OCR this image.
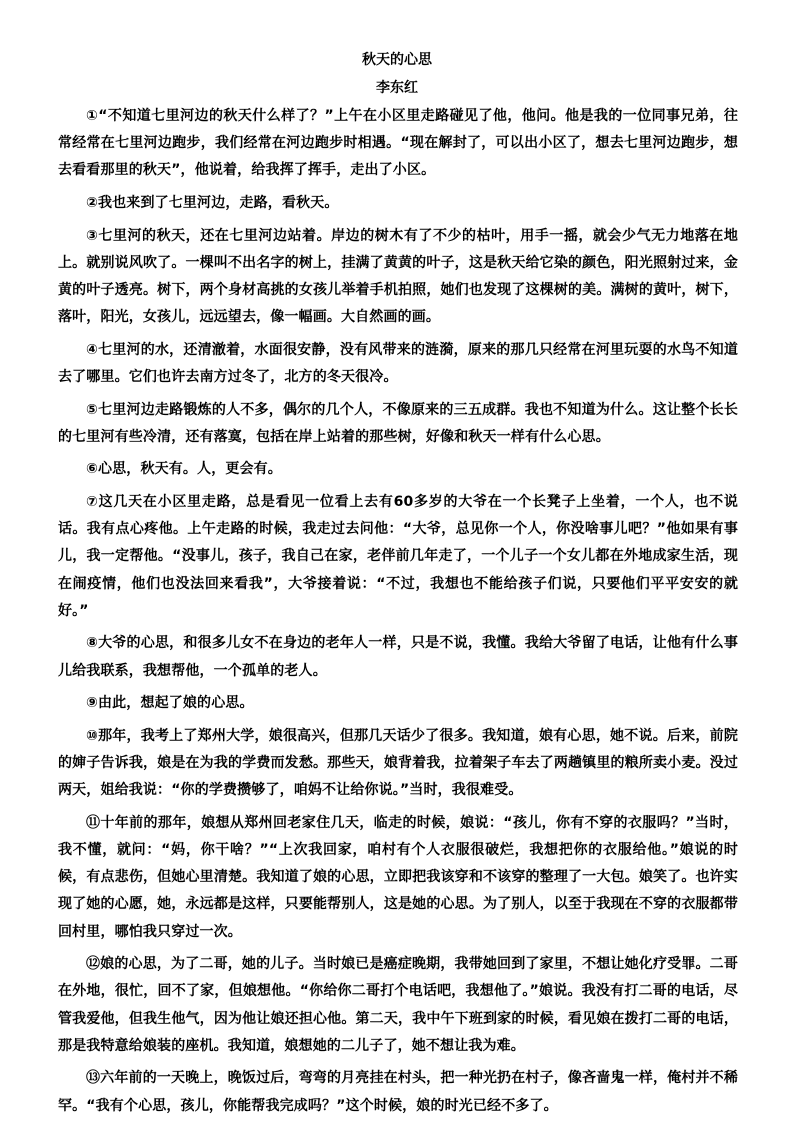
秋天的心思
李东红

①“不知道七里河边的秋天什么样了？”上午在小区里走路碰见了他，他问。他是我的一位同事兄弟，往常经常在七里河边跑步，我们经常在河边跑步时相遇。“现在解封了，可以出小区了，想去七里河边跑步，想去看看那里的秋天”，他说着，给我挥了挥手，走出了小区。

②我也来到了七里河边，走路，看秋天。

③七里河的秋天，还在七里河边站着。岸边的树木有了不少的枯叶，用手一摇，就会少气无力地落在地上。就别说风吹了。一棵叫不出名字的树上，挂满了黄黄的叶子，这是秋天给它染的颜色，阳光照射过来，金黄的叶子透亮。树下，两个身材高挑的女孩儿举着手机拍照，她们也发现了这棵树的美。满树的黄叶，树下，落叶，阳光，女孩儿，远远望去，像一幅画。大自然画的画。

④七里河的水，还清澈着，水面很安静，没有风带来的涟漪，原来的那几只经常在河里玩耍的水鸟不知道去了哪里。它们也许去南方过冬了，北方的冬天很冷。

⑤七里河边走路锻炼的人不多，偶尔的几个人，不像原来的三五成群。我也不知道为什么。这让整个长长的七里河有些冷清，还有落寞，包括在岸上站着的那些树，好像和秋天一样有什么心思。

⑥心思，秋天有。人，更会有。

⑦这几天在小区里走路，总是看见一位看上去有60多岁的大爷在一个长凳子上坐着，一个人，也不说话。我有点心疼他。上午走路的时候，我走过去问他：“大爷，总见你一个人，你没啥事儿吧？”他如果有事儿，我一定帮他。“没事儿，孩子，我自己在家，老伴前几年走了，一个儿子一个女儿都在外地成家生活，现在闹疫情，他们也没法回来看我”，大爷接着说：“不过，我想也不能给孩子们说，只要他们平平安安的就好。”

⑧大爷的心思，和很多儿女不在身边的老年人一样，只是不说，我懂。我给大爷留了电话，让他有什么事儿给我联系，我想帮他，一个孤单的老人。

⑨由此，想起了娘的心思。

⑩那年，我考上了郑州大学，娘很高兴，但那几天话少了很多。我知道，娘有心思，她不说。后来，前院的婶子告诉我，娘是在为我的学费而发愁。那些天，娘背着我，拉着架子车去了两趟镇里的粮所卖小麦。没过两天，姐给我说：“你的学费攒够了，咱妈不让给你说。”当时，我很难受。

⑪十年前的那年，娘想从郑州回老家住几天，临走的时候，娘说：“孩儿，你有不穿的衣服吗？”当时，我不懂，就问：“妈，你干啥？”“上次我回家，咱村有个人衣服很破烂，我想把你的衣服给他。”娘说的时候，有点悲伤，但她心里清楚。我知道了娘的心思，立即把我该穿和不该穿的整理了一大包。娘笑了。也许实现了她的心愿，她，永远都是这样，只要能帮别人，这是她的心思。为了别人，以至于我现在不穿的衣服都带回村里，哪怕我只穿过一次。

⑫娘的心思，为了二哥，她的儿子。当时娘已是癌症晚期，我带她回到了家里，不想让她化疗受罪。二哥在外地，很忙，回不了家，但娘想他。“你给你二哥打个电话吧，我想他了。”娘说。我没有打二哥的电话，尽管我爱他，但我生他气，因为他让娘还担心他。第二天，我中午下班到家的时候，看见娘在拨打二哥的电话，那是我特意给娘装的座机。我知道，娘想她的二儿子了，她不想让我为难。

⑬六年前的一天晚上，晚饭过后，弯弯的月亮挂在村头，把一种光扔在村子，像吝啬鬼一样，俺村并不稀罕。“我有个心思，孩儿，你能帮我完成吗？”这个时候，娘的时光已经不多了。
